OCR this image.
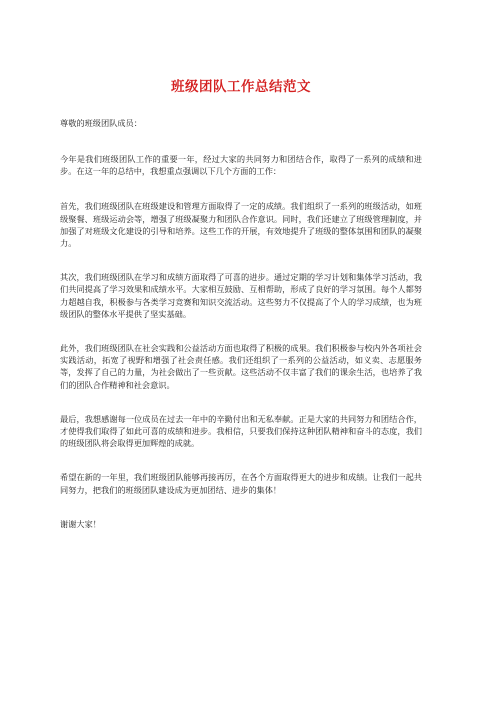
班级团队工作总结范文

尊敬的班级团队成员：

今年是我们班级团队工作的重要一年，经过大家的共同努力和团结合作，取得了一系列的成绩和进步。在这一年的总结中，我想重点强调以下几个方面的工作：

首先，我们班级团队在班级建设和管理方面取得了一定的成绩。我们组织了一系列的班级活动，如班级聚餐、班级运动会等，增强了班级凝聚力和团队合作意识。同时，我们还建立了班级管理制度，并加强了对班级文化建设的引导和培养。这些工作的开展，有效地提升了班级的整体氛围和团队的凝聚力。

其次，我们班级团队在学习和成绩方面取得了可喜的进步。通过定期的学习计划和集体学习活动，我们共同提高了学习效果和成绩水平。大家相互鼓励、互相帮助，形成了良好的学习氛围。每个人都努力超越自我，积极参与各类学习竞赛和知识交流活动。这些努力不仅提高了个人的学习成绩，也为班级团队的整体水平提供了坚实基础。

此外，我们班级团队在社会实践和公益活动方面也取得了积极的成果。我们积极参与校内外各项社会实践活动，拓宽了视野和增强了社会责任感。我们还组织了一系列的公益活动，如义卖、志愿服务等，发挥了自己的力量，为社会做出了一些贡献。这些活动不仅丰富了我们的课余生活，也培养了我们的团队合作精神和社会意识。

最后，我想感谢每一位成员在过去一年中的辛勤付出和无私奉献。正是大家的共同努力和团结合作，才使得我们取得了如此可喜的成绩和进步。我相信，只要我们保持这种团队精神和奋斗的态度，我们的班级团队将会取得更加辉煌的成就。

希望在新的一年里，我们班级团队能够再接再厉，在各个方面取得更大的进步和成绩。让我们一起共同努力，把我们的班级团队建设成为更加团结、进步的集体！

谢谢大家！
